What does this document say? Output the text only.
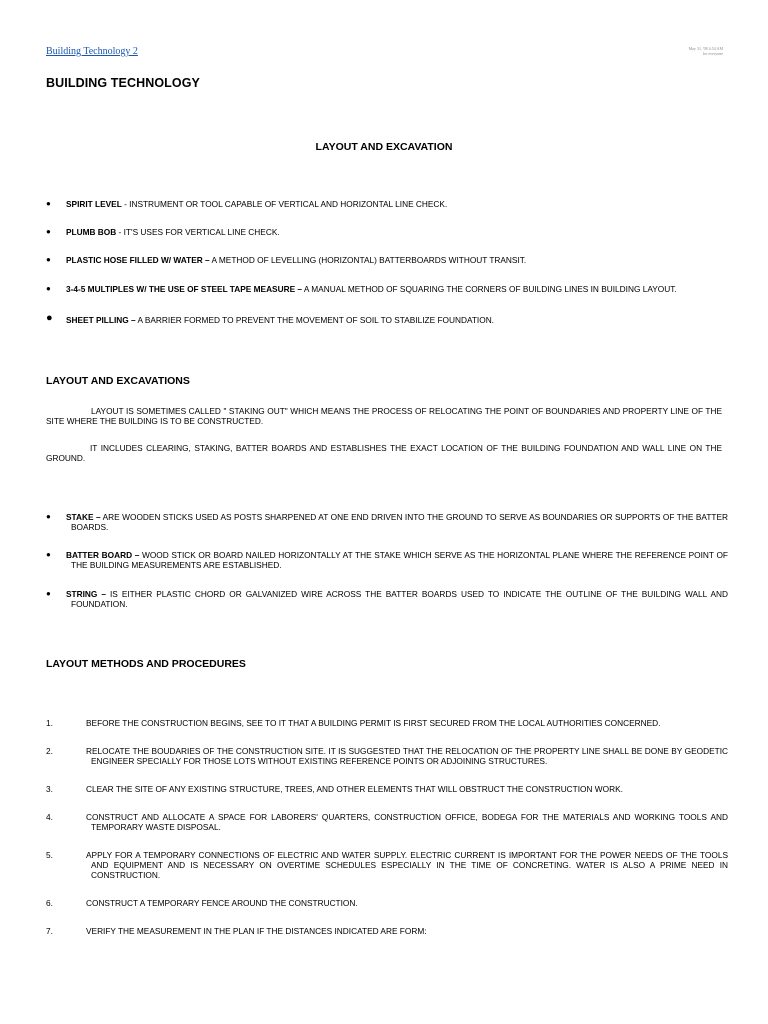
Building Technology 2	May 31, '08 4:54 AM
for everyone
BUILDING TECHNOLOGY
LAYOUT AND EXCAVATION
● SPIRIT LEVEL - INSTRUMENT OR TOOL CAPABLE OF VERTICAL AND HORIZONTAL LINE CHECK.
● PLUMB BOB - IT'S USES FOR VERTICAL LINE CHECK.
● PLASTIC HOSE FILLED W/ WATER – A METHOD OF LEVELLING (HORIZONTAL) BATTERBOARDS WITHOUT TRANSIT.
● 3-4-5 MULTIPLES W/ THE USE OF STEEL TAPE MEASURE – A MANUAL METHOD OF SQUARING THE CORNERS OF BUILDING LINES IN BUILDING LAYOUT.
● SHEET PILLING – A BARRIER FORMED TO PREVENT THE MOVEMENT OF SOIL TO STABILIZE FOUNDATION.
LAYOUT AND EXCAVATIONS

LAYOUT IS SOMETIMES CALLED " STAKING OUT" WHICH MEANS THE PROCESS OF RELOCATING THE POINT OF BOUNDARIES AND PROPERTY LINE OF THE SITE WHERE THE BUILDING IS TO BE CONSTRUCTED.

IT INCLUDES CLEARING, STAKING, BATTER BOARDS AND ESTABLISHES THE EXACT LOCATION OF THE BUILDING FOUNDATION AND WALL LINE ON THE GROUND.

● STAKE – ARE WOODEN STICKS USED AS POSTS SHARPENED AT ONE END DRIVEN INTO THE GROUND TO SERVE AS BOUNDARIES OR SUPPORTS OF THE BATTER BOARDS.
● BATTER BOARD – WOOD STICK OR BOARD NAILED HORIZONTALLY AT THE STAKE WHICH SERVE AS THE HORIZONTAL PLANE WHERE THE REFERENCE POINT OF THE BUILDING MEASUREMENTS ARE ESTABLISHED.
● STRING – IS EITHER PLASTIC CHORD OR GALVANIZED WIRE ACROSS THE BATTER BOARDS USED TO INDICATE THE OUTLINE OF THE BUILDING WALL AND FOUNDATION.
LAYOUT METHODS AND PROCEDURES
1.	BEFORE THE CONSTRUCTION BEGINS, SEE TO IT THAT A BUILDING PERMIT IS FIRST SECURED FROM THE LOCAL AUTHORITIES CONCERNED.
2.	RELOCATE THE BOUDARIES OF THE CONSTRUCTION SITE. IT IS SUGGESTED THAT THE RELOCATION OF THE PROPERTY LINE SHALL BE DONE BY GEODETIC ENGINEER SPECIALLY FOR THOSE LOTS WITHOUT EXISTING REFERENCE POINTS OR ADJOINING STRUCTURES.
3.	CLEAR THE SITE OF ANY EXISTING STRUCTURE, TREES, AND OTHER ELEMENTS THAT WILL OBSTRUCT THE CONSTRUCTION WORK.
4.	CONSTRUCT AND ALLOCATE A SPACE FOR LABORERS' QUARTERS, CONSTRUCTION OFFICE, BODEGA FOR THE MATERIALS AND WORKING TOOLS AND TEMPORARY WASTE DISPOSAL.
5.	APPLY FOR A TEMPORARY CONNECTIONS OF ELECTRIC AND WATER SUPPLY. ELECTRIC CURRENT IS IMPORTANT FOR THE POWER NEEDS OF THE TOOLS AND EQUIPMENT AND IS NECESSARY ON OVERTIME SCHEDULES ESPECIALLY IN THE TIME OF CONCRETING. WATER IS ALSO A PRIME NEED IN CONSTRUCTION.
6.	CONSTRUCT A TEMPORARY FENCE AROUND THE CONSTRUCTION.
7.	VERIFY THE MEASUREMENT IN THE PLAN IF THE DISTANCES INDICATED ARE FORM:
